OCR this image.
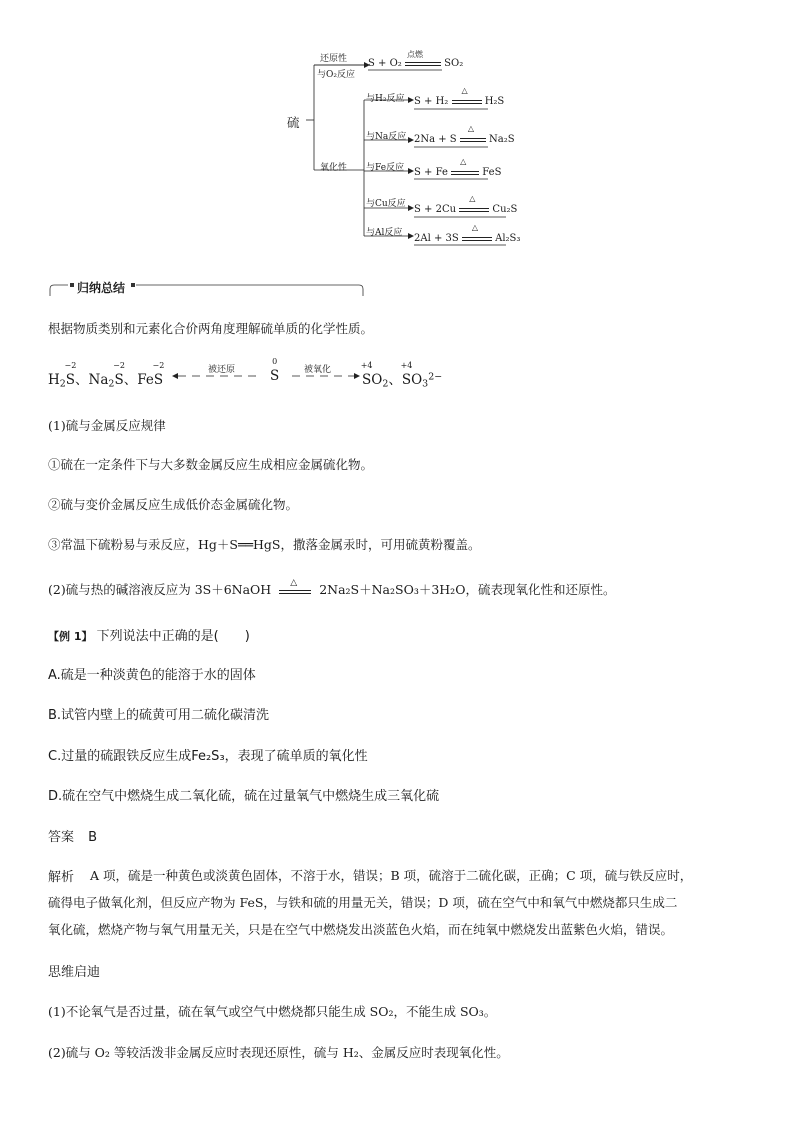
硫
还原性
与O₂反应
S + O₂
点燃
SO₂
氧化性
与H₂反应 S + H₂
△
H₂S
与Na反应 2Na + S
△
Na₂S
与Fe反应 S + Fe
△
FeS
与Cu反应 S + 2Cu
△
Cu₂S
与Al反应 2Al + 3S
△
Al₂S₃
归纳总结
根据物质类别和元素化合价两角度理解硫单质的化学性质。
$H_2$
−2
S、$Na_2$
−2
S、Fe
−2
S
被还原
0
S	被氧化	+4
$SO_2$、
+4
$SO_3^{2-}$
(1)硫与金属反应规律
①硫在一定条件下与大多数金属反应生成相应金属硫化物。
②硫与变价金属反应生成低价态金属硫化物。
③常温下硫粉易与汞反应，Hg＋S══HgS，撒落金属汞时，可用硫黄粉覆盖。
(2)硫与热的碱溶液反应为 3S＋6NaOH △ 2Na₂S＋Na₂SO₃＋3H₂O，硫表现氧化性和还原性。
【例 1】 下列说法中正确的是(　　)
A.硫是一种淡黄色的能溶于水的固体
B.试管内壁上的硫黄可用二硫化碳清洗
C.过量的硫跟铁反应生成Fe₂S₃，表现了硫单质的氧化性
D.硫在空气中燃烧生成二氧化硫，硫在过量氧气中燃烧生成三氧化硫
答案 B
解析 A 项，硫是一种黄色或淡黄色固体，不溶于水，错误；B 项，硫溶于二硫化碳，正确；C 项，硫与铁反应时，
硫得电子做氧化剂，但反应产物为 FeS，与铁和硫的用量无关，错误；D 项，硫在空气中和氧气中燃烧都只生成二
氧化硫，燃烧产物与氧气用量无关，只是在空气中燃烧发出淡蓝色火焰，而在纯氧中燃烧发出蓝紫色火焰，错误。
思维启迪
(1)不论氧气是否过量，硫在氧气或空气中燃烧都只能生成 SO₂，不能生成 SO₃。
(2)硫与 O₂ 等较活泼非金属反应时表现还原性，硫与 H₂、金属反应时表现氧化性。
